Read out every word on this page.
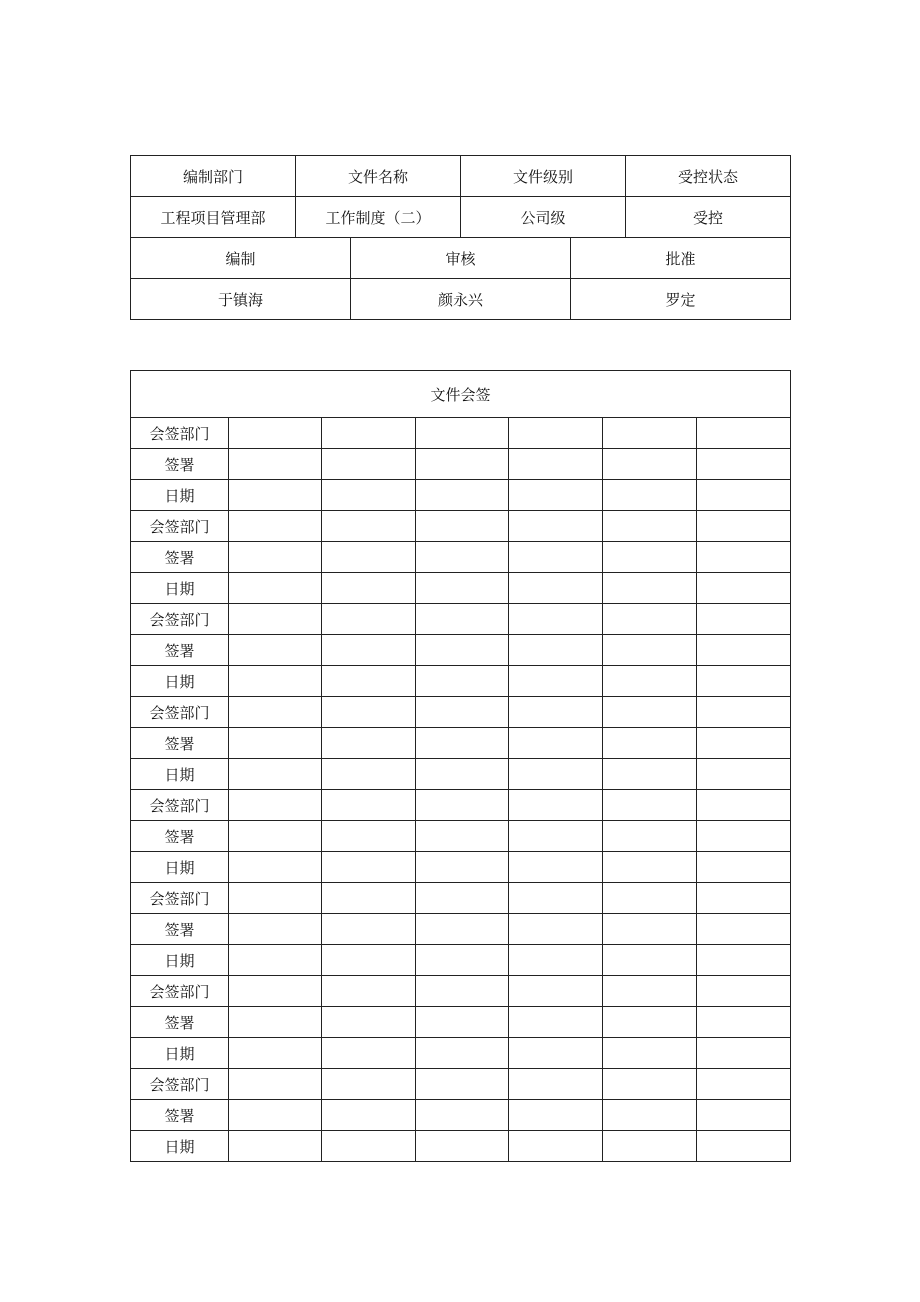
编制部门	文件名称	文件级别	受控状态
工程项目管理部	工作制度（二）	公司级	受控
编制	审核	批准
于镇海	颜永兴	罗定
文件会签						
会签部门						
签署						
日期						
会签部门						
签署						
日期						
会签部门						
签署						
日期						
会签部门						
签署						
日期						
会签部门						
签署						
日期						
会签部门						
签署						
日期						
会签部门						
签署						
日期						
会签部门						
签署						
日期						
